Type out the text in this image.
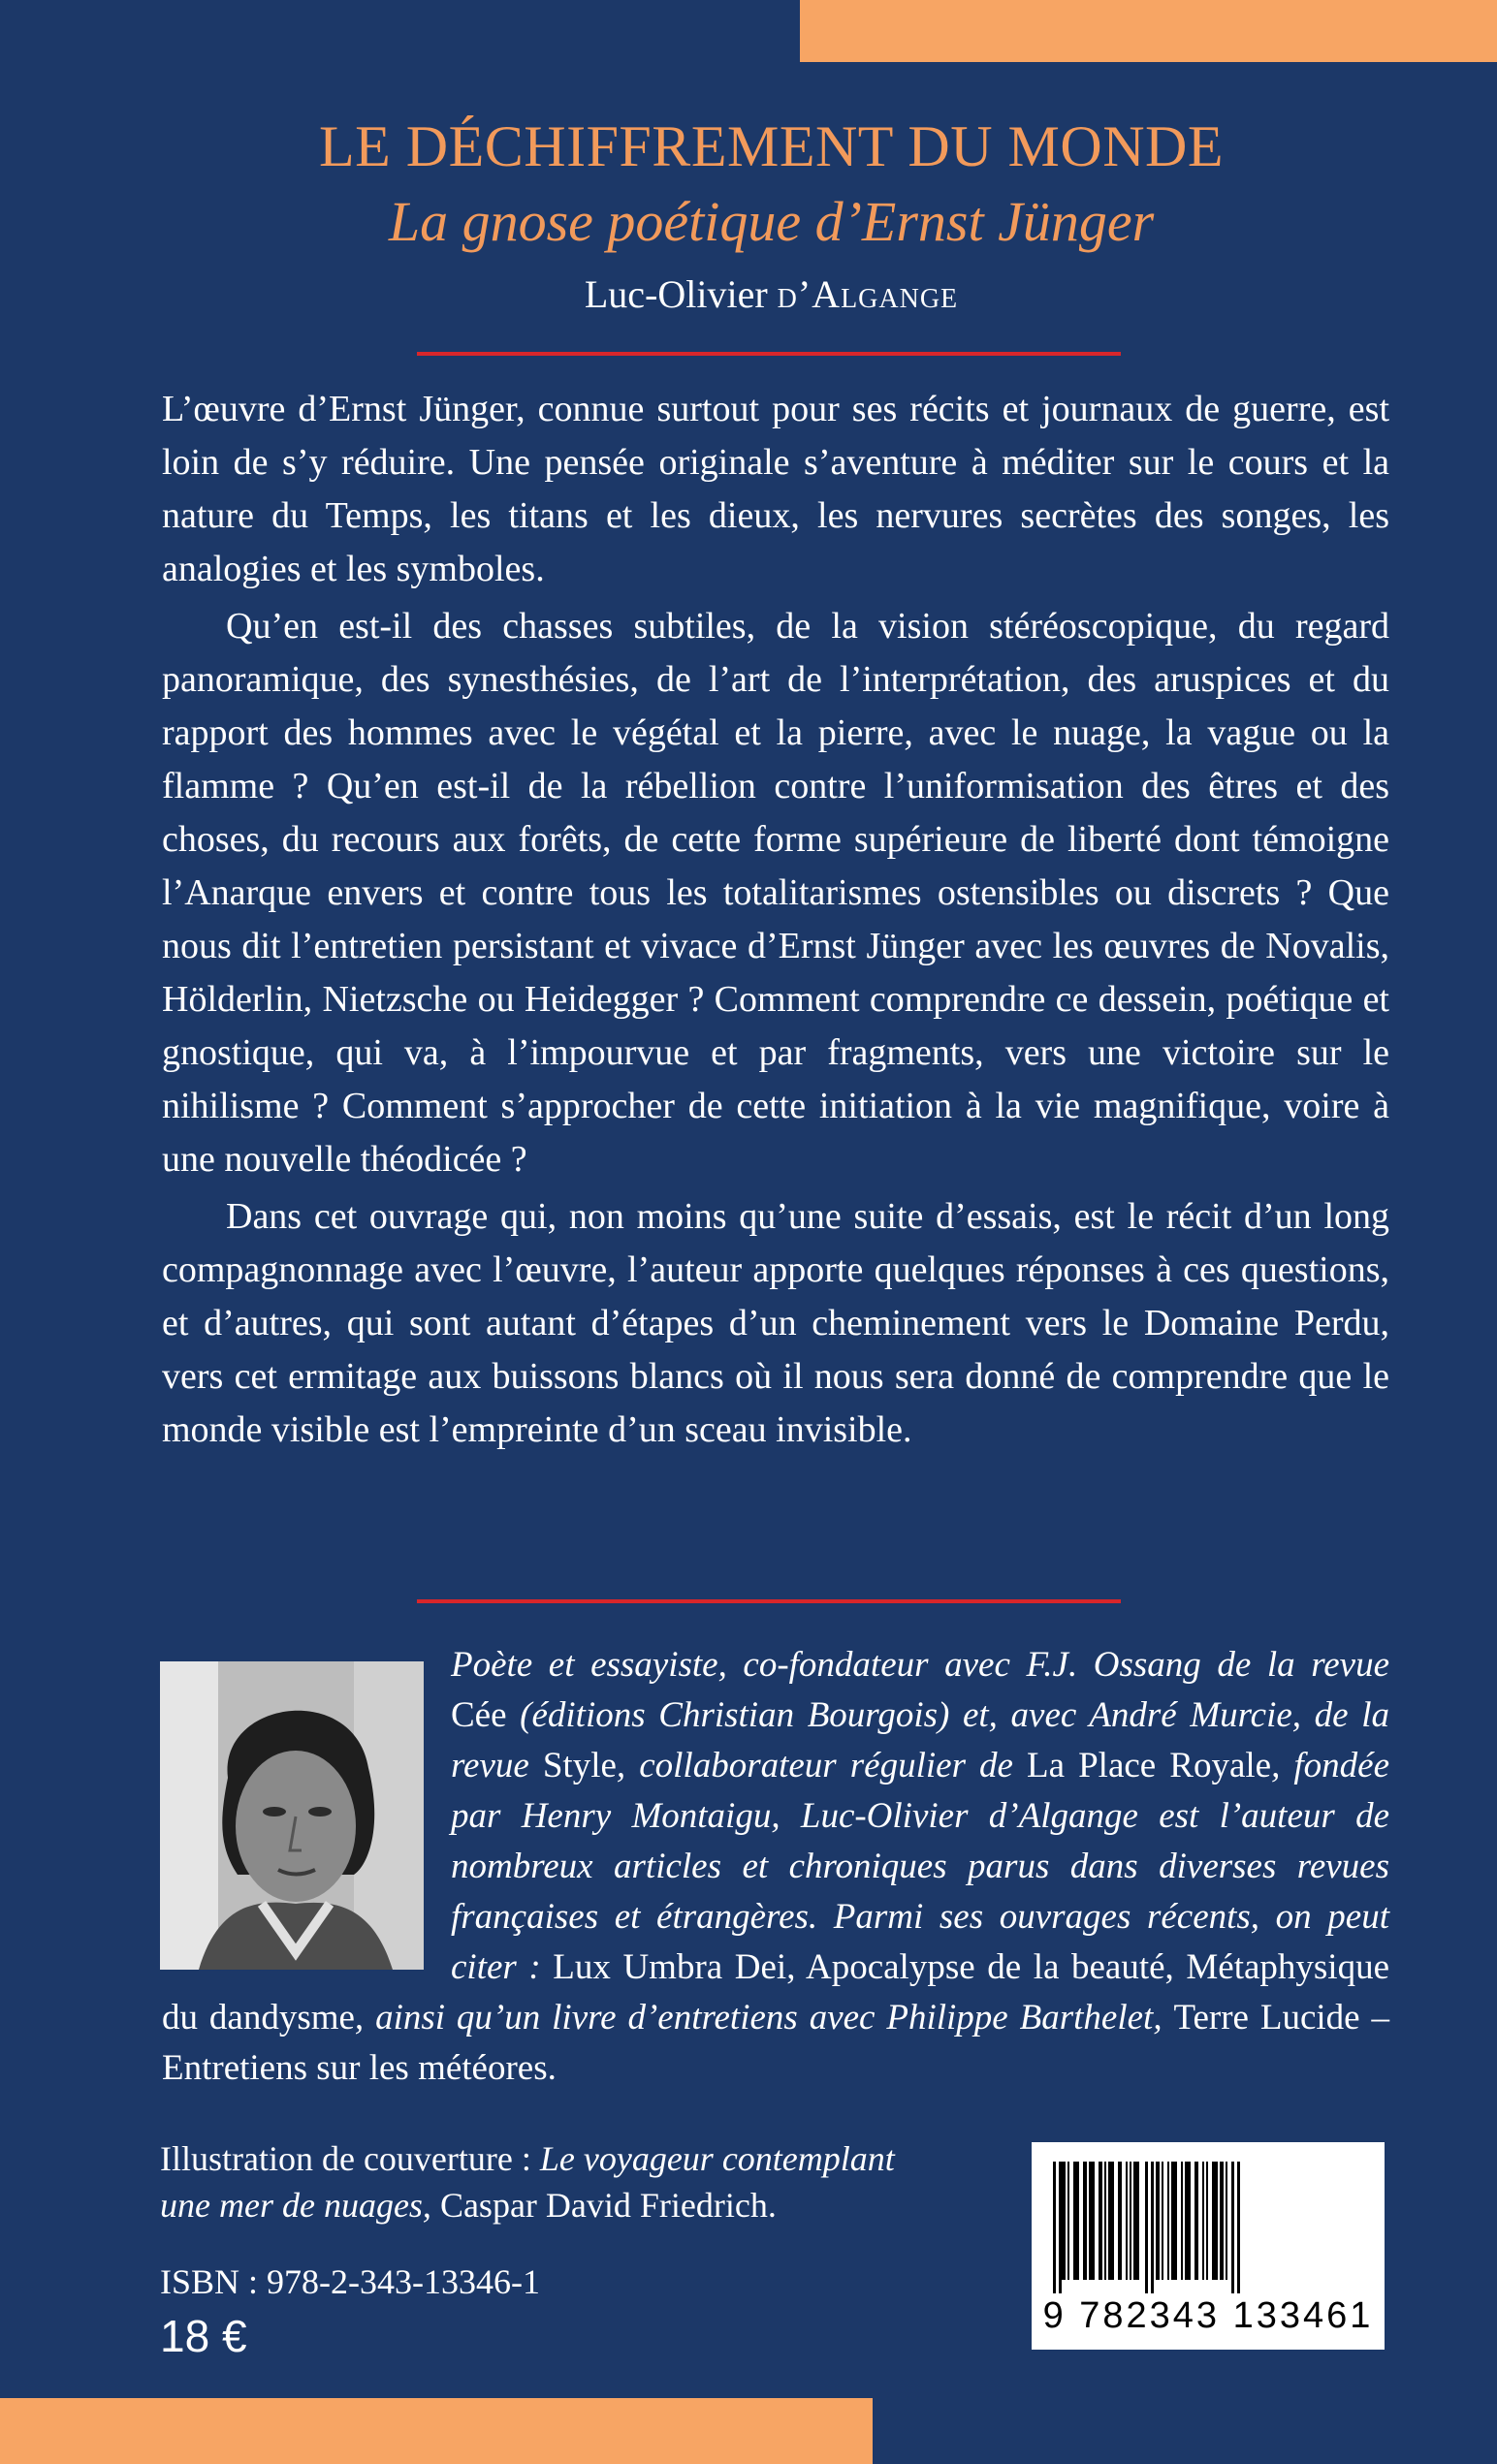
LE DÉCHIFFREMENT DU MONDE
La gnose poétique d’Ernst Jünger
Luc-Olivier d’Algange

L’œuvre d’Ernst Jünger, connue surtout pour ses récits et journaux de guerre, est loin de s’y réduire. Une pensée originale s’aventure à méditer sur le cours et la nature du Temps, les titans et les dieux, les nervures secrètes des songes, les analogies et les symboles.

Qu’en est-il des chasses subtiles, de la vision stéréoscopique, du regard panoramique, des synesthésies, de l’art de l’interprétation, des aruspices et du rapport des hommes avec le végétal et la pierre, avec le nuage, la vague ou la flamme ? Qu’en est-il de la rébellion contre l’uniformisation des êtres et des choses, du recours aux forêts, de cette forme supérieure de liberté dont témoigne l’Anarque envers et contre tous les totalitarismes ostensibles ou discrets ? Que nous dit l’entretien persistant et vivace d’Ernst Jünger avec les œuvres de Novalis, Hölderlin, Nietzsche ou Heidegger ? Comment comprendre ce dessein, poétique et gnostique, qui va, à l’impourvue et par fragments, vers une victoire sur le nihilisme ? Comment s’approcher de cette initiation à la vie magnifique, voire à une nouvelle théodicée ?

Dans cet ouvrage qui, non moins qu’une suite d’essais, est le récit d’un long compagnonnage avec l’œuvre, l’auteur apporte quelques réponses à ces questions, et d’autres, qui sont autant d’étapes d’un cheminement vers le Domaine Perdu, vers cet ermitage aux buissons blancs où il nous sera donné de comprendre que le monde visible est l’empreinte d’un sceau invisible.

Poète et essayiste, co-fondateur avec F.J. Ossang de la revue Cée (éditions Christian Bourgois) et, avec André Murcie, de la revue Style, collaborateur régulier de La Place Royale, fondée par Henry Montaigu, Luc-Olivier d’Algange est l’auteur de nombreux articles et chroniques parus dans diverses revues françaises et étrangères. Parmi ses ouvrages récents, on peut citer : Lux Umbra Dei, Apocalypse de la beauté, Métaphysique du dandysme, ainsi qu’un livre d’entretiens avec Philippe Barthelet, Terre Lucide – Entretiens sur les météores.
Illustration de couverture : Le voyageur contemplant une mer de nuages, Caspar David Friedrich.
ISBN : 978-2-343-13346-1
18 €	9 782343 133461
